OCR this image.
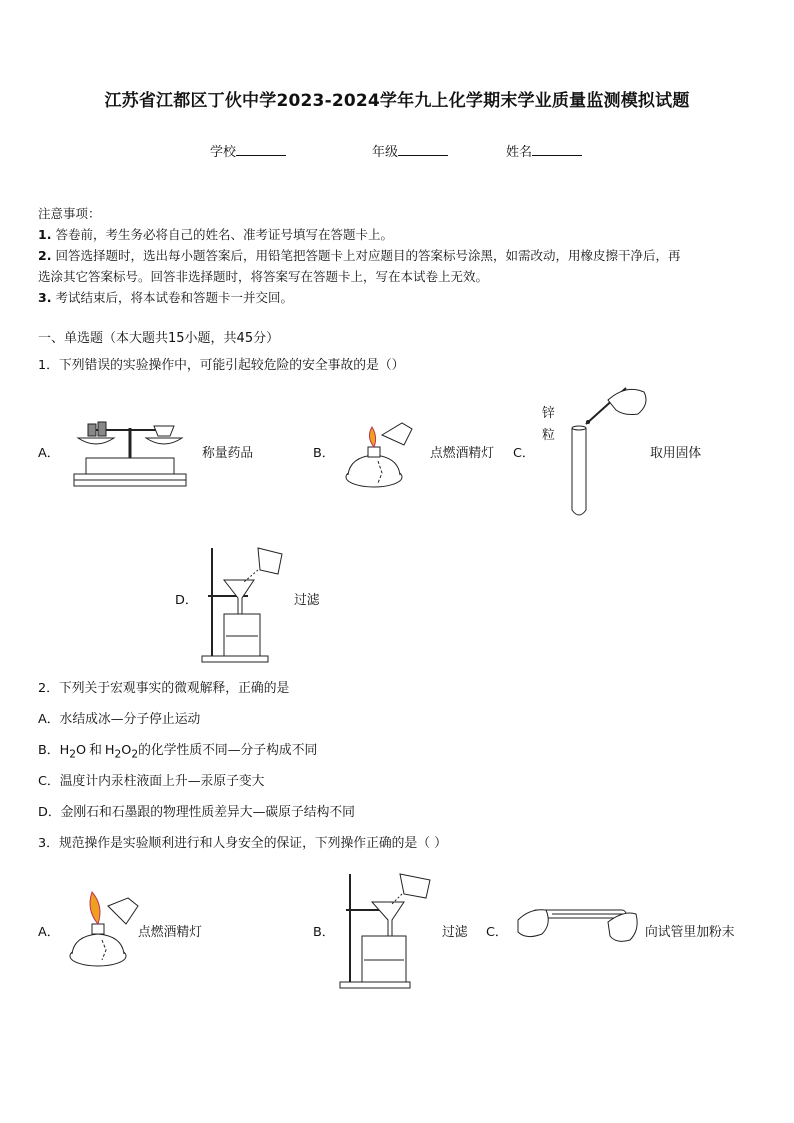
江苏省江都区丁伙中学2023-2024学年九上化学期末学业质量监测模拟试题
学校	年级	姓名
注意事项：
1. 答卷前，考生务必将自己的姓名、准考证号填写在答题卡上。
2. 回答选择题时，选出每小题答案后，用铅笔把答题卡上对应题目的答案标号涂黑，如需改动，用橡皮擦干净后，再
选涂其它答案标号。回答非选择题时，将答案写在答题卡上，写在本试卷上无效。
3. 考试结束后，将本试卷和答题卡一并交回。
一、单选题（本大题共15小题，共45分）
1．下列错误的实验操作中，可能引起较危险的安全事故的是（）
A．	称量药品	B．	点燃酒精灯 C．
锌
粒
取用固体
D．	过滤
2．下列关于宏观事实的微观解释，正确的是
A．水结成冰—分子停止运动
B．$H_2O$ 和 $H_2O_2$的化学性质不同—分子构成不同
C．温度计内汞柱液面上升—汞原子变大
D．金刚石和石墨跟的物理性质差异大—碳原子结构不同
3．规范操作是实验顺利进行和人身安全的保证，下列操作正确的是（ ）
A．	点燃酒精灯	B．	过滤 C．	向试管里加粉末
